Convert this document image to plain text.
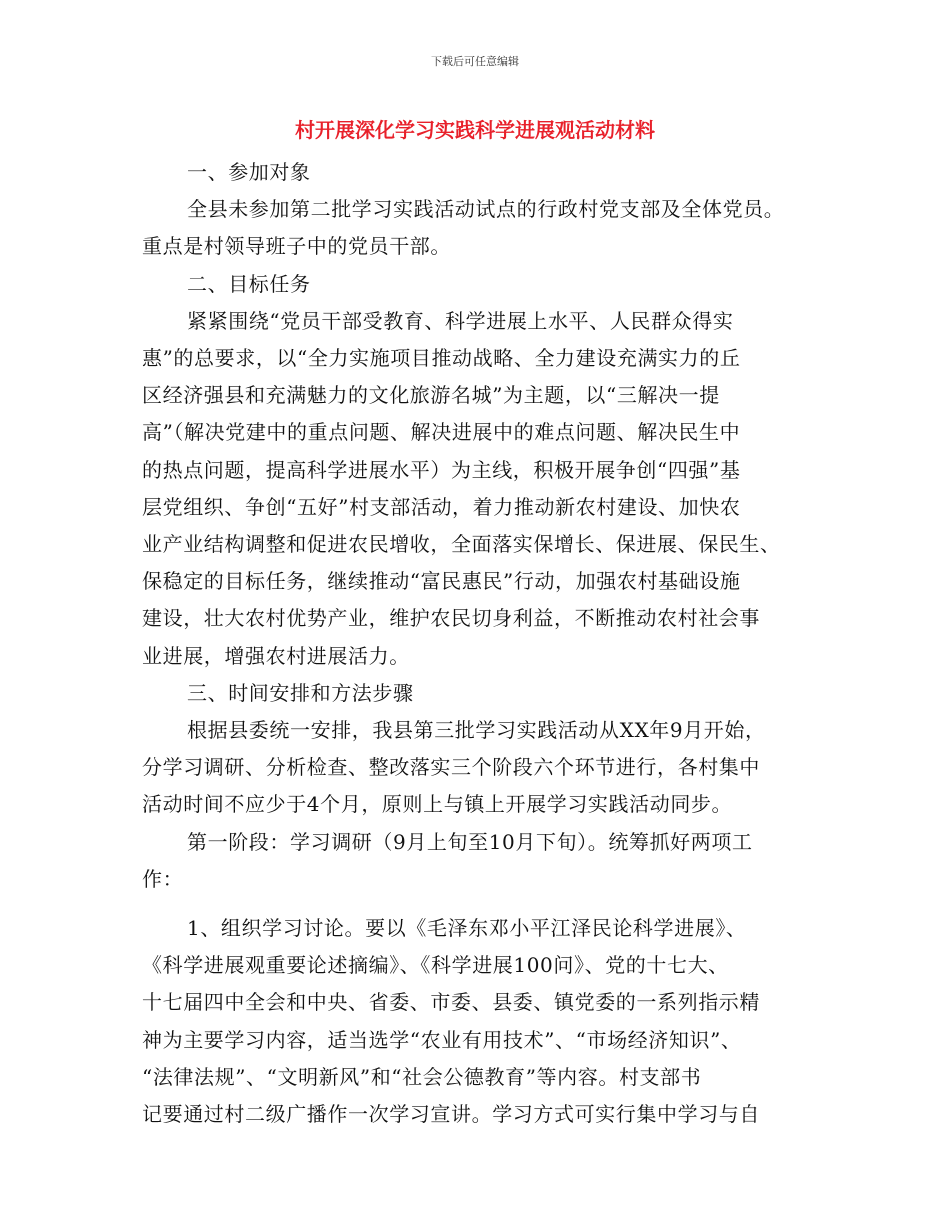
下载后可任意编辑
村开展深化学习实践科学进展观活动材料

一、参加对象

全县未参加第二批学习实践活动试点的行政村党支部及全体党员。

重点是村领导班子中的党员干部。

二、目标任务

紧紧围绕“党员干部受教育、科学进展上水平、人民群众得实

惠”的总要求，以“全力实施项目推动战略、全力建设充满实力的丘

区经济强县和充满魅力的文化旅游名城”为主题，以“三解决一提

高”（解决党建中的重点问题、解决进展中的难点问题、解决民生中

的热点问题，提高科学进展水平）为主线，积极开展争创“四强”基

层党组织、争创“五好”村支部活动，着力推动新农村建设、加快农

业产业结构调整和促进农民增收，全面落实保增长、保进展、保民生、

保稳定的目标任务，继续推动“富民惠民”行动，加强农村基础设施

建设，壮大农村优势产业，维护农民切身利益，不断推动农村社会事

业进展，增强农村进展活力。

三、时间安排和方法步骤

根据县委统一安排，我县第三批学习实践活动从XX年9月开始，

分学习调研、分析检查、整改落实三个阶段六个环节进行，各村集中

活动时间不应少于4个月，原则上与镇上开展学习实践活动同步。

第一阶段：学习调研（9月上旬至10月下旬）。统筹抓好两项工

作：

1、组织学习讨论。要以《毛泽东邓小平江泽民论科学进展》、

《科学进展观重要论述摘编》、《科学进展100问》、党的十七大、

十七届四中全会和中央、省委、市委、县委、镇党委的一系列指示精

神为主要学习内容，适当选学“农业有用技术”、“市场经济知识”、

“法律法规”、“文明新风”和“社会公德教育”等内容。村支部书

记要通过村二级广播作一次学习宣讲。学习方式可实行集中学习与自
